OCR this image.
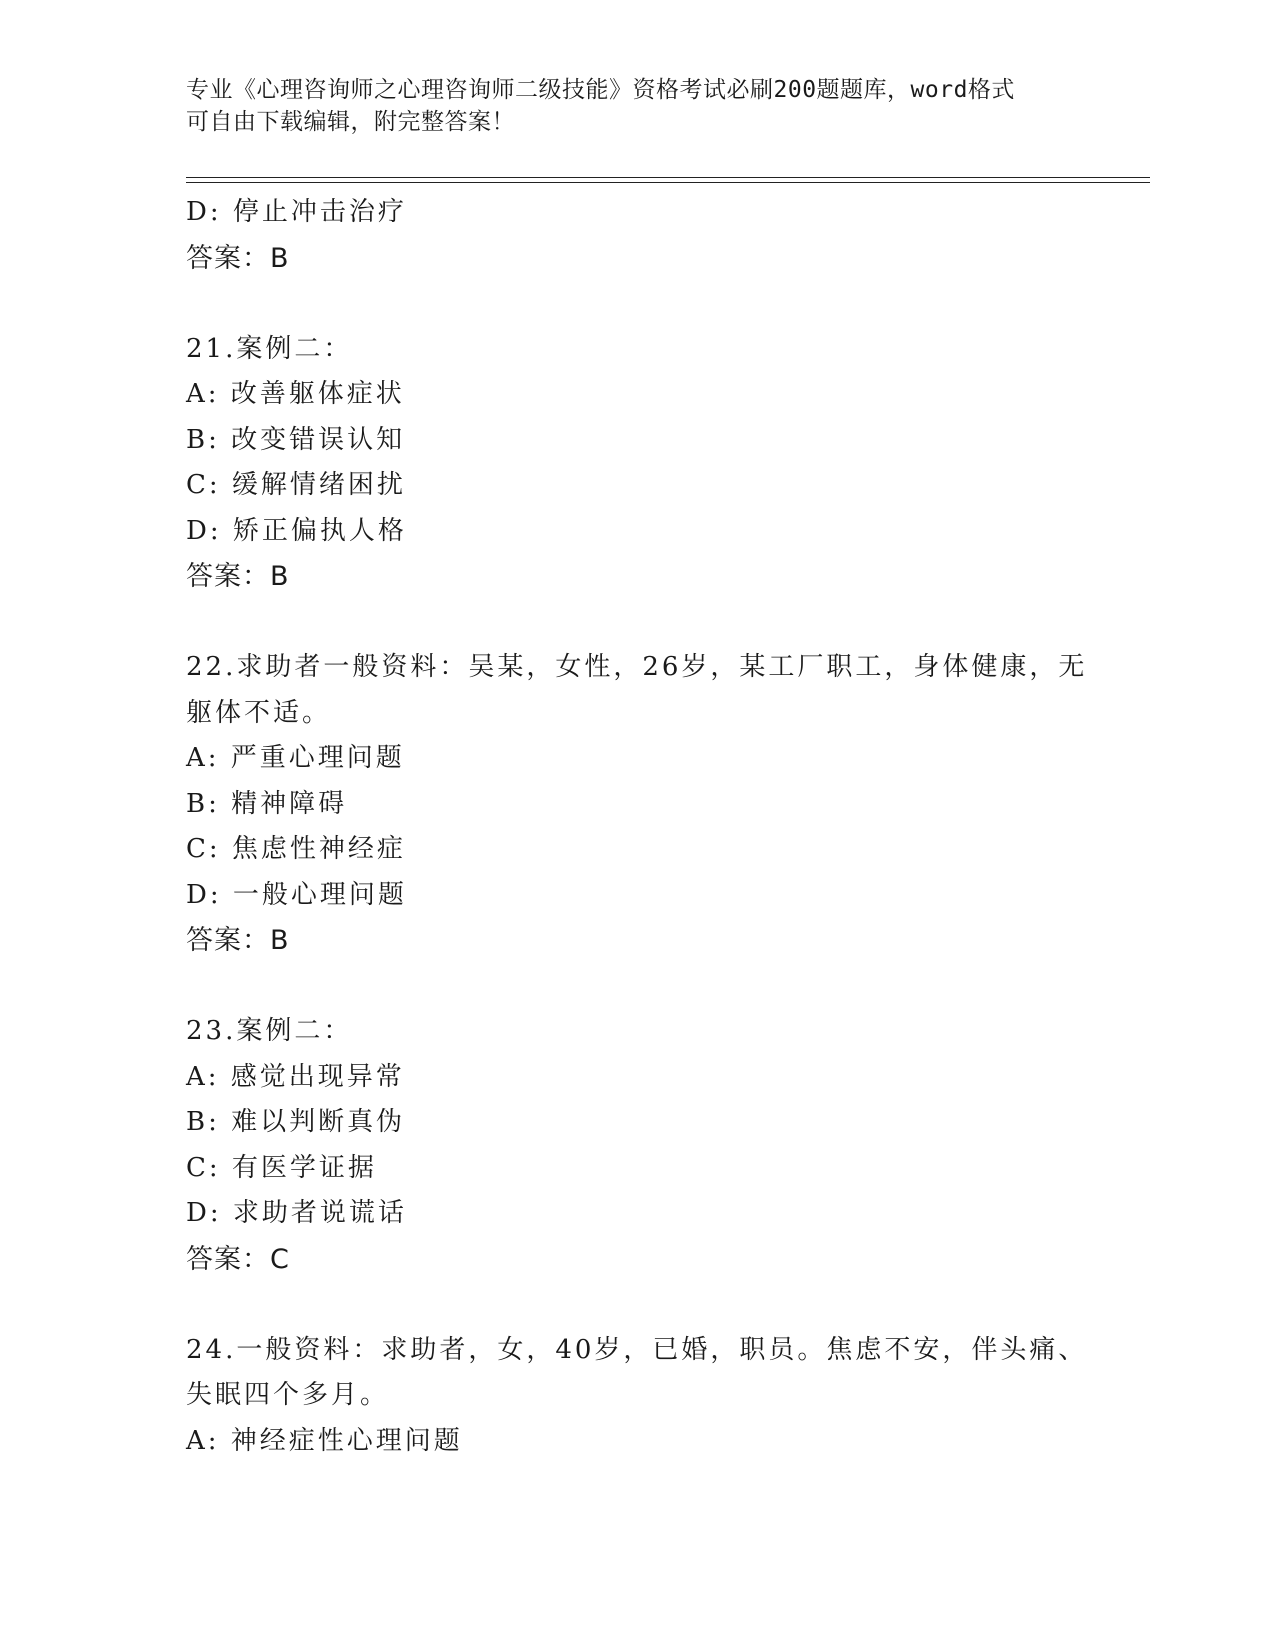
专业《心理咨询师之心理咨询师二级技能》资格考试必刷200题题库，word格式
可自由下载编辑，附完整答案！
D: 停止冲击治疗
答案：B
21.案例二：
A: 改善躯体症状
B: 改变错误认知
C: 缓解情绪困扰
D: 矫正偏执人格
答案：B
22.求助者一般资料：吴某，女性，26岁，某工厂职工，身体健康，无
躯体不适。
A: 严重心理问题
B: 精神障碍
C: 焦虑性神经症
D: 一般心理问题
答案：B
23.案例二：
A: 感觉出现异常
B: 难以判断真伪
C: 有医学证据
D: 求助者说谎话
答案：C
24.一般资料：求助者，女，40岁，已婚，职员。焦虑不安，伴头痛、
失眠四个多月。
A: 神经症性心理问题
